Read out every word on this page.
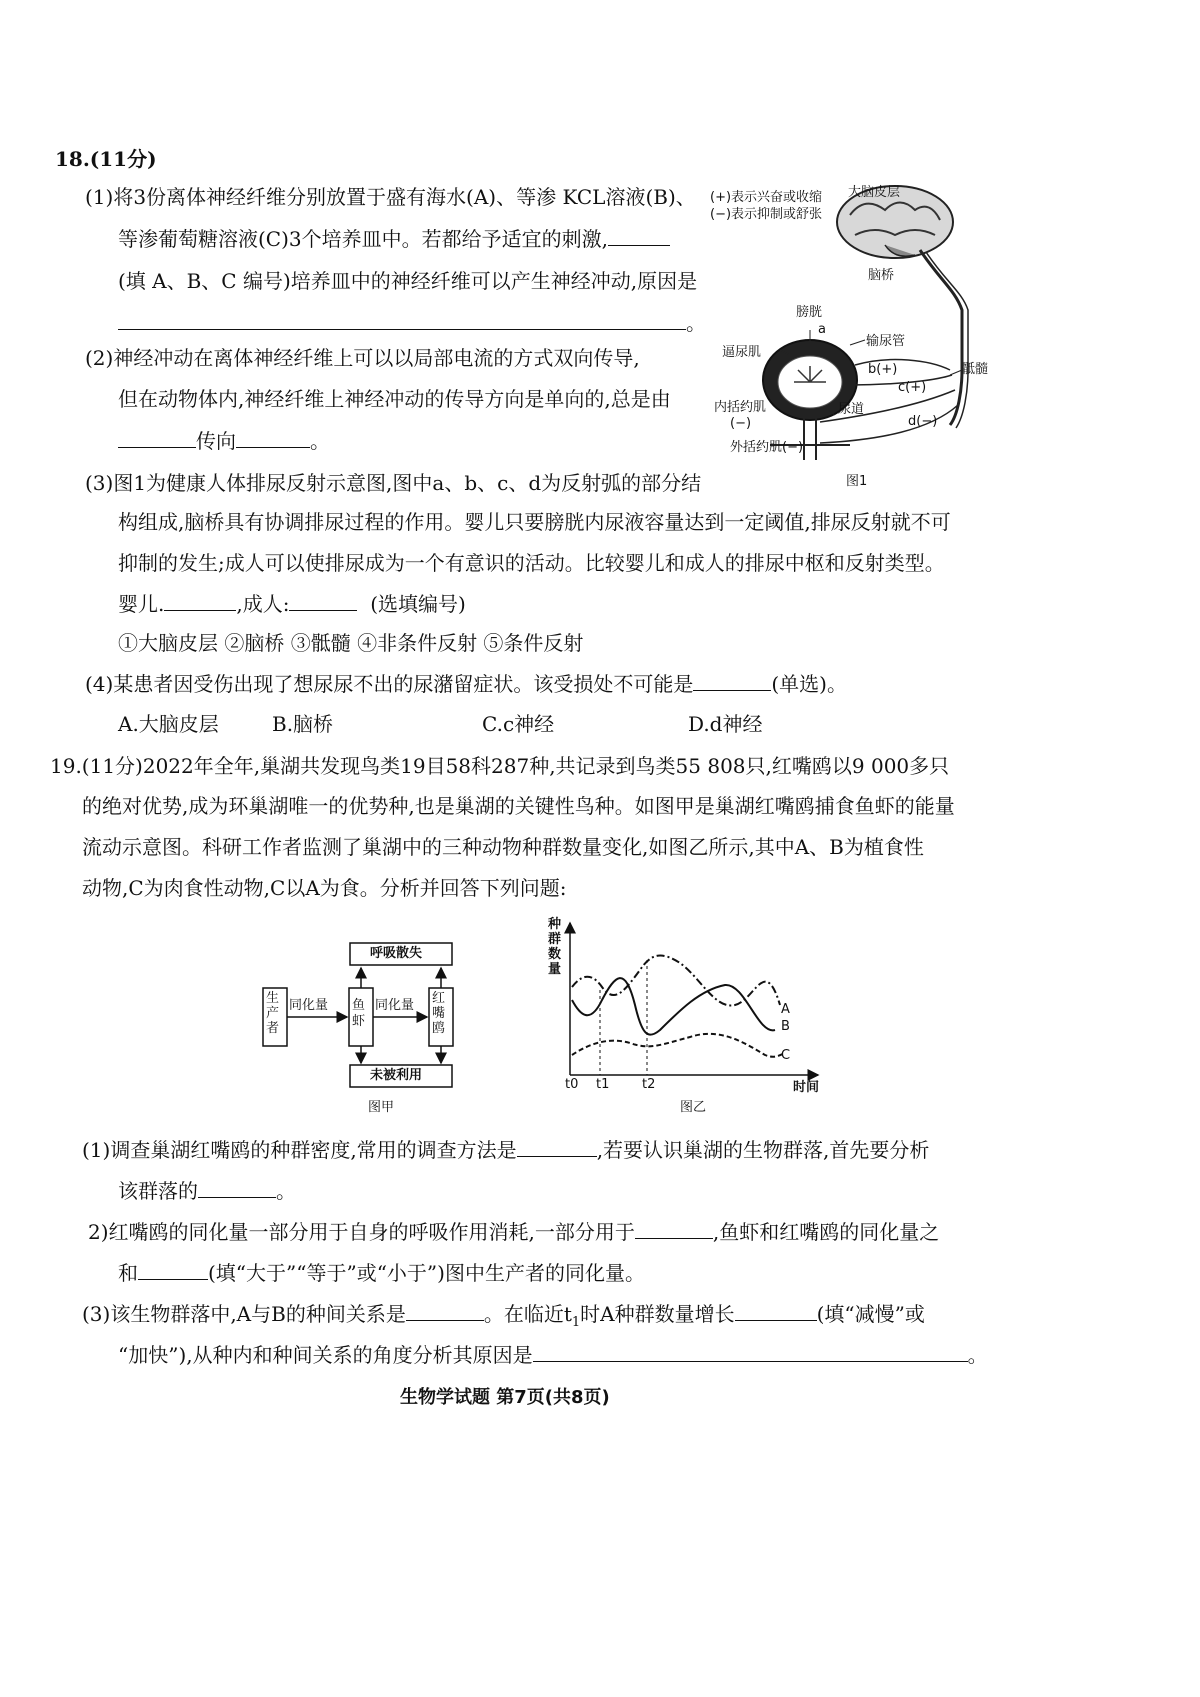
18.(11分)
(1)将3份离体神经纤维分别放置于盛有海水(A)、等渗 KCL溶液(B)、
等渗葡萄糖溶液(C)3个培养皿中。若都给予适宜的刺激,
(填 A、B、C 编号)培养皿中的神经纤维可以产生神经冲动,原因是
。
(2)神经冲动在离体神经纤维上可以以局部电流的方式双向传导,
但在动物体内,神经纤维上神经冲动的传导方向是单向的,总是由
传向	。
(3)图1为健康人体排尿反射示意图,图中a、b、c、d为反射弧的部分结
构组成,脑桥具有协调排尿过程的作用。婴儿只要膀胱内尿液容量达到一定阈值,排尿反射就不可
抑制的发生;成人可以使排尿成为一个有意识的活动。比较婴儿和成人的排尿中枢和反射类型。
婴儿.	,成人:	(选填编号)
①大脑皮层 ②脑桥 ③骶髓 ④非条件反射 ⑤条件反射
(4)某患者因受伤出现了想尿尿不出的尿潴留症状。该受损处不可能是	(单选)。
A.大脑皮层	B.脑桥	C.c神经	D.d神经
(+)表示兴奋或收缩
(−)表示抑制或舒张
大脑皮层
脑桥
膀胱
a
输尿管
逼尿肌
b(+)	骶髓
c(+)
内括约肌
(−)
尿道
d(−)
外括约肌(−)
图1
19.(11分)2022年全年,巢湖共发现鸟类19目58科287种,共记录到鸟类55 808只,红嘴鸥以9 000多只
的绝对优势,成为环巢湖唯一的优势种,也是巢湖的关键性鸟种。如图甲是巢湖红嘴鸥捕食鱼虾的能量
流动示意图。科研工作者监测了巢湖中的三种动物种群数量变化,如图乙所示,其中A、B为植食性
动物,C为肉食性动物,C以A为食。分析并回答下列问题:
呼吸散失
生产者
同化量 鱼虾
同化量 红嘴鸥
未被利用
图甲
种群数量
A
B
C
t0 t1	t2	时间
图乙
(1)调查巢湖红嘴鸥的种群密度,常用的调查方法是	,若要认识巢湖的生物群落,首先要分析
该群落的	。
2)红嘴鸥的同化量一部分用于自身的呼吸作用消耗,一部分用于	,鱼虾和红嘴鸥的同化量之
和	(填“大于”“等于”或“小于”)图中生产者的同化量。
(3)该生物群落中,A与B的种间关系是	。在临近$t_1$时A种群数量增长	(填“减慢”或
“加快”),从种内和种间关系的角度分析其原因是	。
生物学试题 第7页(共8页)
